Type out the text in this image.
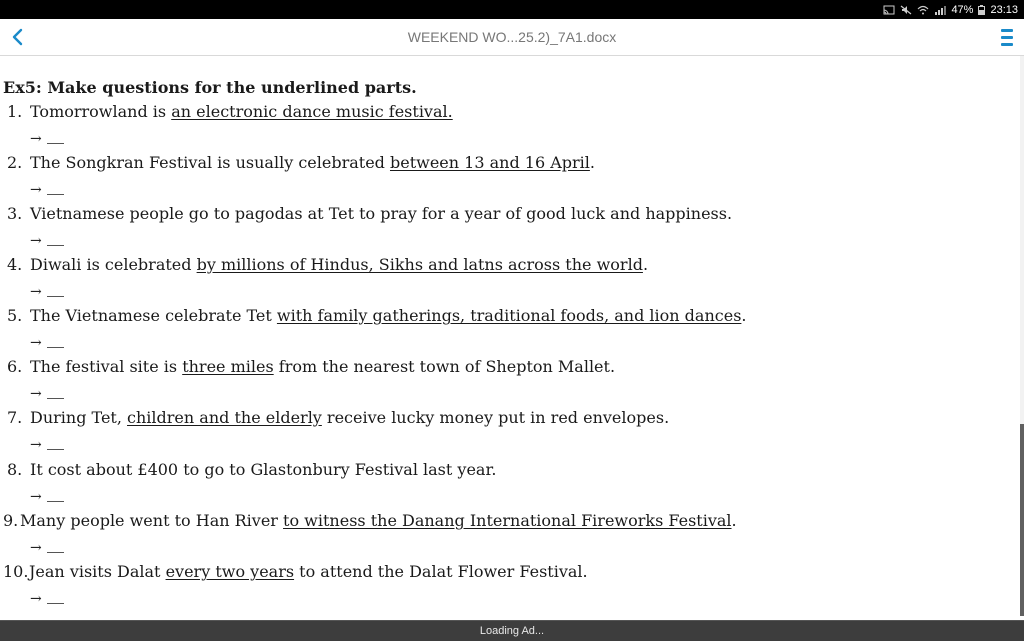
47% 23:13
WEEKEND WO...25.2)_7A1.docx
Ex5: Make questions for the underlined parts.
1. Tomorrowland is an electronic dance music festival.
→
2. The Songkran Festival is usually celebrated between 13 and 16 April.
→
3. Vietnamese people go to pagodas at Tet to pray for a year of good luck and happiness.
→
4. Diwali is celebrated by millions of Hindus, Sikhs and latns across the world.
→
5. The Vietnamese celebrate Tet with family gatherings, traditional foods, and lion dances.
→
6. The festival site is three miles from the nearest town of Shepton Mallet.
→
7. During Tet, children and the elderly receive lucky money put in red envelopes.
→
8. It cost about £400 to go to Glastonbury Festival last year.
→
9. Many people went to Han River to witness the Danang International Fireworks Festival.
→
10.Jean visits Dalat every two years to attend the Dalat Flower Festival.
→
Loading Ad...
